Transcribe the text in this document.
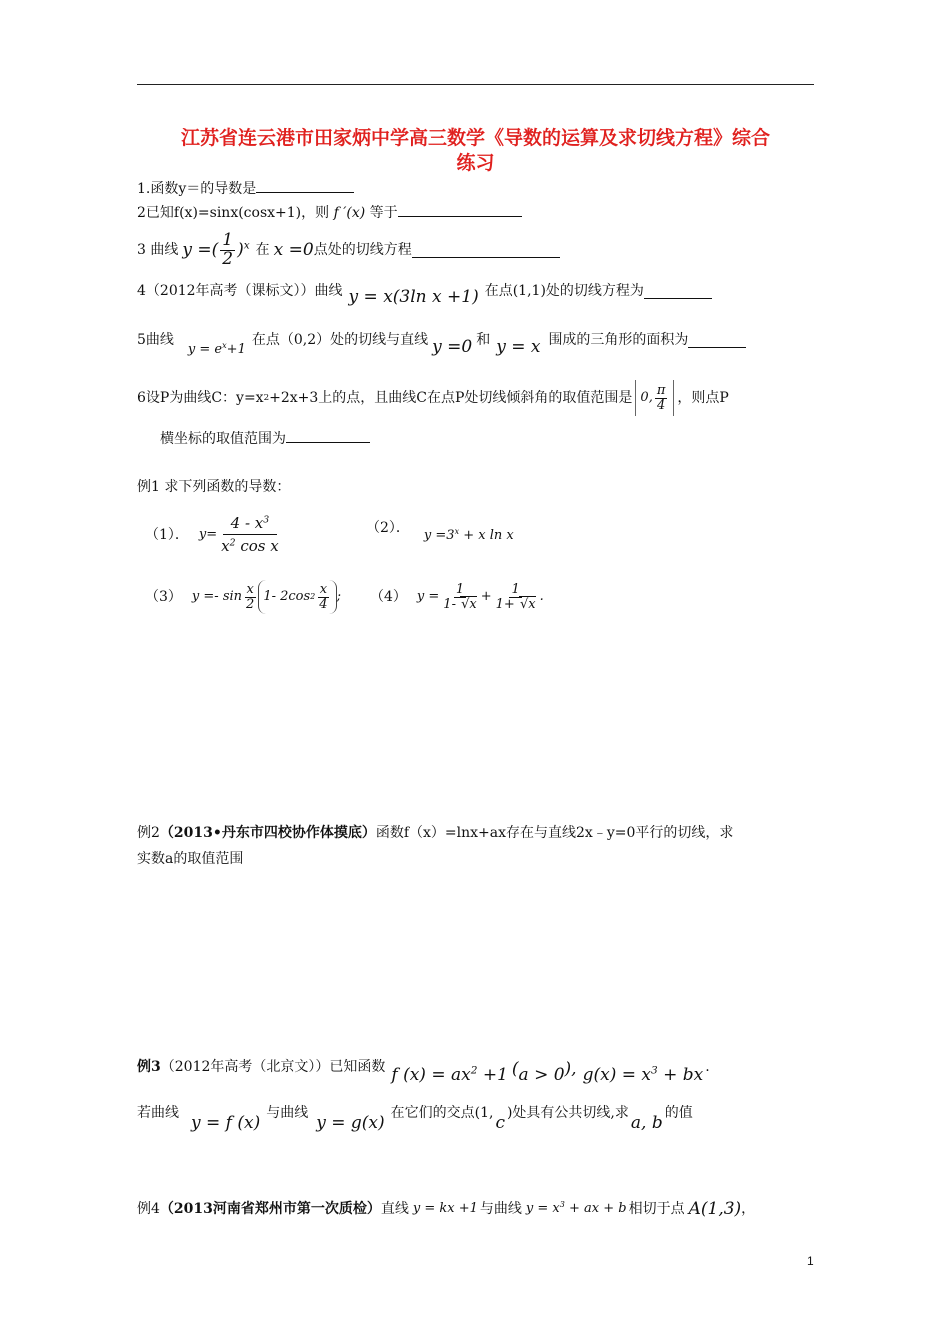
江苏省连云港市田家炳中学高三数学《导数的运算及求切线方程》综合
练习
1.函数y＝的导数是
2已知f(x)=sinx(cosx+1)，则 f ′(x) 等于
3 曲线 y =( $\frac{1}{2} )^x$ 在 x =0 点处的切线方程
4（2012年高考（课标文））曲线 y = x(3ln x +1) 在点(1,1)处的切线方程为
5曲线
$y = e^x+1$
在点（0,2）处的切线与直线 y =0 和 y = x 围成的三角形的面积为
6设P为曲线C：y=x 2 +2x+3上的点，且曲线C在点P处切线倾斜角的取值范围是 0, $\frac{\pi}{4}$ ，则点P
横坐标的取值范围为
例1 求下列函数的导数：
（1）． $y= \frac{4 - x^3}{x^2 \cos x}$	（2）． $y =3^x + x$ ln x
（3） $y =- \sin \frac{x}{2} 1-$ 2cos $2 \frac{x}{4}$ ; （4） $y = \frac{1}{1- √x} + \frac{1}{1+ √x}$ .
例2（2013•丹东市四校协作体摸底）函数f（x）=lnx+ax存在与直线2x﹣y=0平行的切线，求
实数a的取值范围
例3 （2012年高考（北京文））已知函数 f $(x) = ax^2 +1$ (a > 0), $g(x) = x^3$ + bx .
若曲线 y = f (x) 与曲线 y = g(x) 在它们的交点(1, c )处具有公共切线,求 a, b 的值
例4 （2013河南省郑州市第一次质检） 直线 y = kx +1 与曲线 $y = x^3$ + ax + b 相切于点 A(1,3) ，
1
